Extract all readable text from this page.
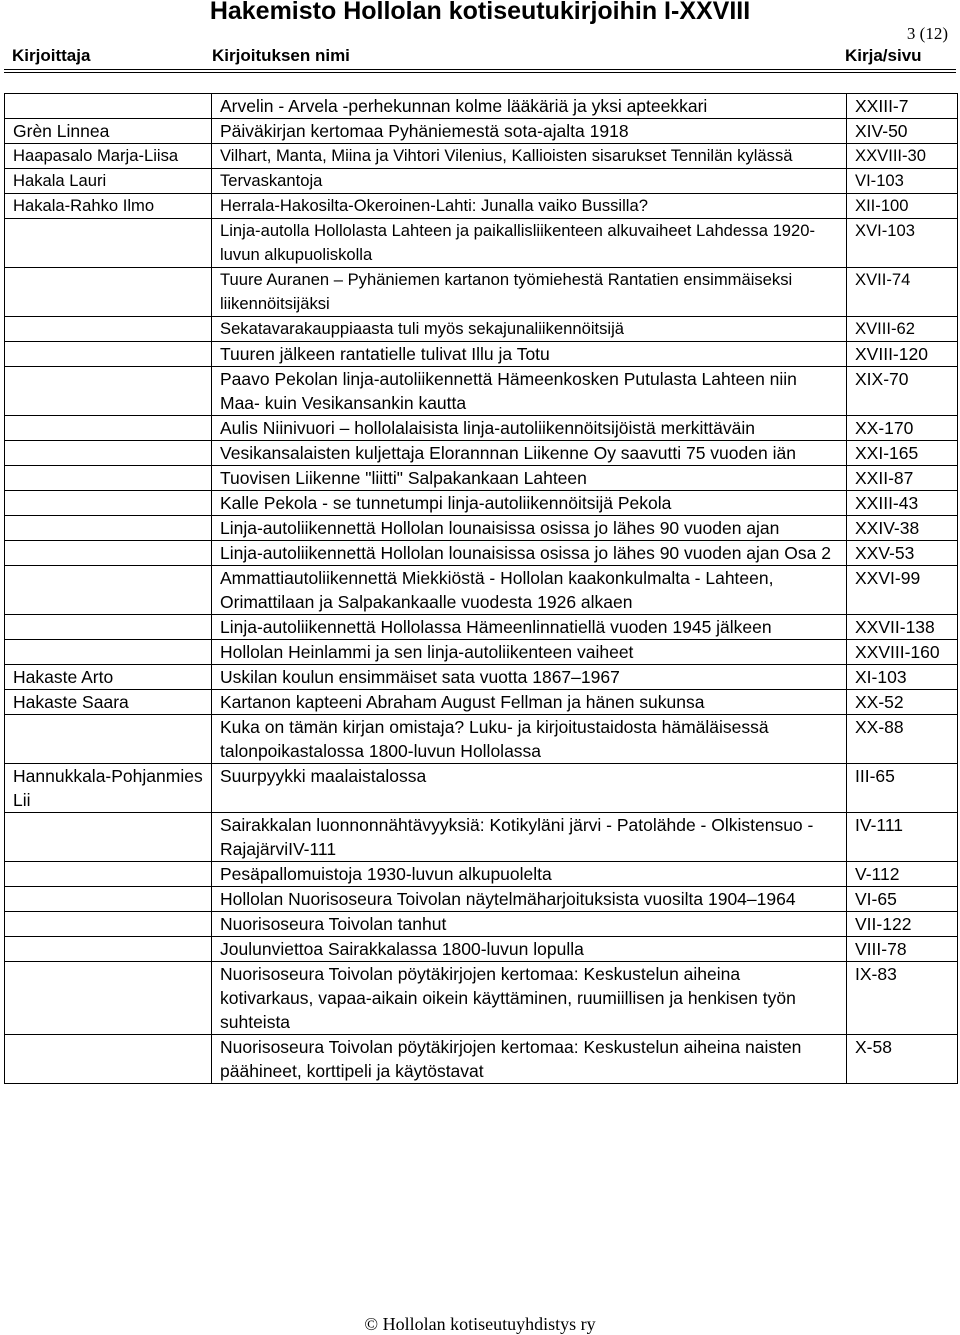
Hakemisto Hollolan kotiseutukirjoihin I-XXVIII
3 (12)
Kirjoittaja	Kirjoituksen nimi	Kirja/sivu
	Arvelin - Arvela -perhekunnan kolme lääkäriä ja yksi apteekkari	XXIII-7
Grèn Linnea	Päiväkirjan kertomaa Pyhäniemestä sota-ajalta 1918	XIV-50
Haapasalo Marja-Liisa	Vilhart, Manta, Miina ja Vihtori Vilenius, Kallioisten sisarukset Tennilän kylässä	XXVIII-30
Hakala Lauri	Tervaskantoja	VI-103
Hakala-Rahko Ilmo	Herrala-Hakosilta-Okeroinen-Lahti: Junalla vaiko Bussilla?	XII-100
	Linja-autolla Hollolasta Lahteen ja paikallisliikenteen alkuvaiheet Lahdessa 1920-luvun alkupuoliskolla	XVI-103
	Tuure Auranen – Pyhäniemen kartanon työmiehestä Rantatien ensimmäiseksi liikennöitsijäksi	XVII-74
	Sekatavarakauppiaasta tuli myös sekajunaliikennöitsijä	XVIII-62
	Tuuren jälkeen rantatielle tulivat Illu ja Totu	XVIII-120
	Paavo Pekolan linja-autoliikennettä Hämeenkosken Putulasta Lahteen niin Maa- kuin Vesikansankin kautta	XIX-70
	Aulis Niinivuori – hollolalaisista linja-autoliikennöitsijöistä merkittäväin	XX-170
	Vesikansalaisten kuljettaja Elorannnan Liikenne Oy saavutti 75 vuoden iän	XXI-165
	Tuovisen Liikenne "liitti" Salpakankaan Lahteen	XXII-87
	Kalle Pekola - se tunnetumpi linja-autoliikennöitsijä Pekola	XXIII-43
	Linja-autoliikennettä Hollolan lounaisissa osissa jo lähes 90 vuoden ajan	XXIV-38
	Linja-autoliikennettä Hollolan lounaisissa osissa jo lähes 90 vuoden ajan Osa 2	XXV-53
	Ammattiautoliikennettä Miekkiöstä - Hollolan kaakonkulmalta - Lahteen, Orimattilaan ja Salpakankaalle vuodesta 1926 alkaen	XXVI-99
	Linja-autoliikennettä Hollolassa Hämeenlinnatiellä vuoden 1945 jälkeen	XXVII-138
	Hollolan Heinlammi ja sen linja-autoliikenteen vaiheet	XXVIII-160
Hakaste Arto	Uskilan koulun ensimmäiset sata vuotta 1867–1967	XI-103
Hakaste Saara	Kartanon kapteeni Abraham August Fellman ja hänen sukunsa	XX-52
	Kuka on tämän kirjan omistaja? Luku- ja kirjoitustaidosta hämäläisessä talonpoikastalossa 1800-luvun Hollolassa	XX-88
Hannukkala-Pohjanmies Lii	Suurpyykki maalaistalossa	III-65
	Sairakkalan luonnonnähtävyyksiä: Kotikyläni järvi - Patolähde - Olkistensuo - RajajärviIV-111	IV-111
	Pesäpallomuistoja 1930-luvun alkupuolelta	V-112
	Hollolan Nuorisoseura Toivolan näytelmäharjoituksista vuosilta 1904–1964	VI-65
	Nuorisoseura Toivolan tanhut	VII-122
	Joulunviettoa Sairakkalassa 1800-luvun lopulla	VIII-78
	Nuorisoseura Toivolan pöytäkirjojen kertomaa: Keskustelun aiheina kotivarkaus, vapaa-aikain oikein käyttäminen, ruumiillisen ja henkisen työn suhteista	IX-83
	Nuorisoseura Toivolan pöytäkirjojen kertomaa: Keskustelun aiheina naisten päähineet, korttipeli ja käytöstavat	X-58
© Hollolan kotiseutuyhdistys ry
